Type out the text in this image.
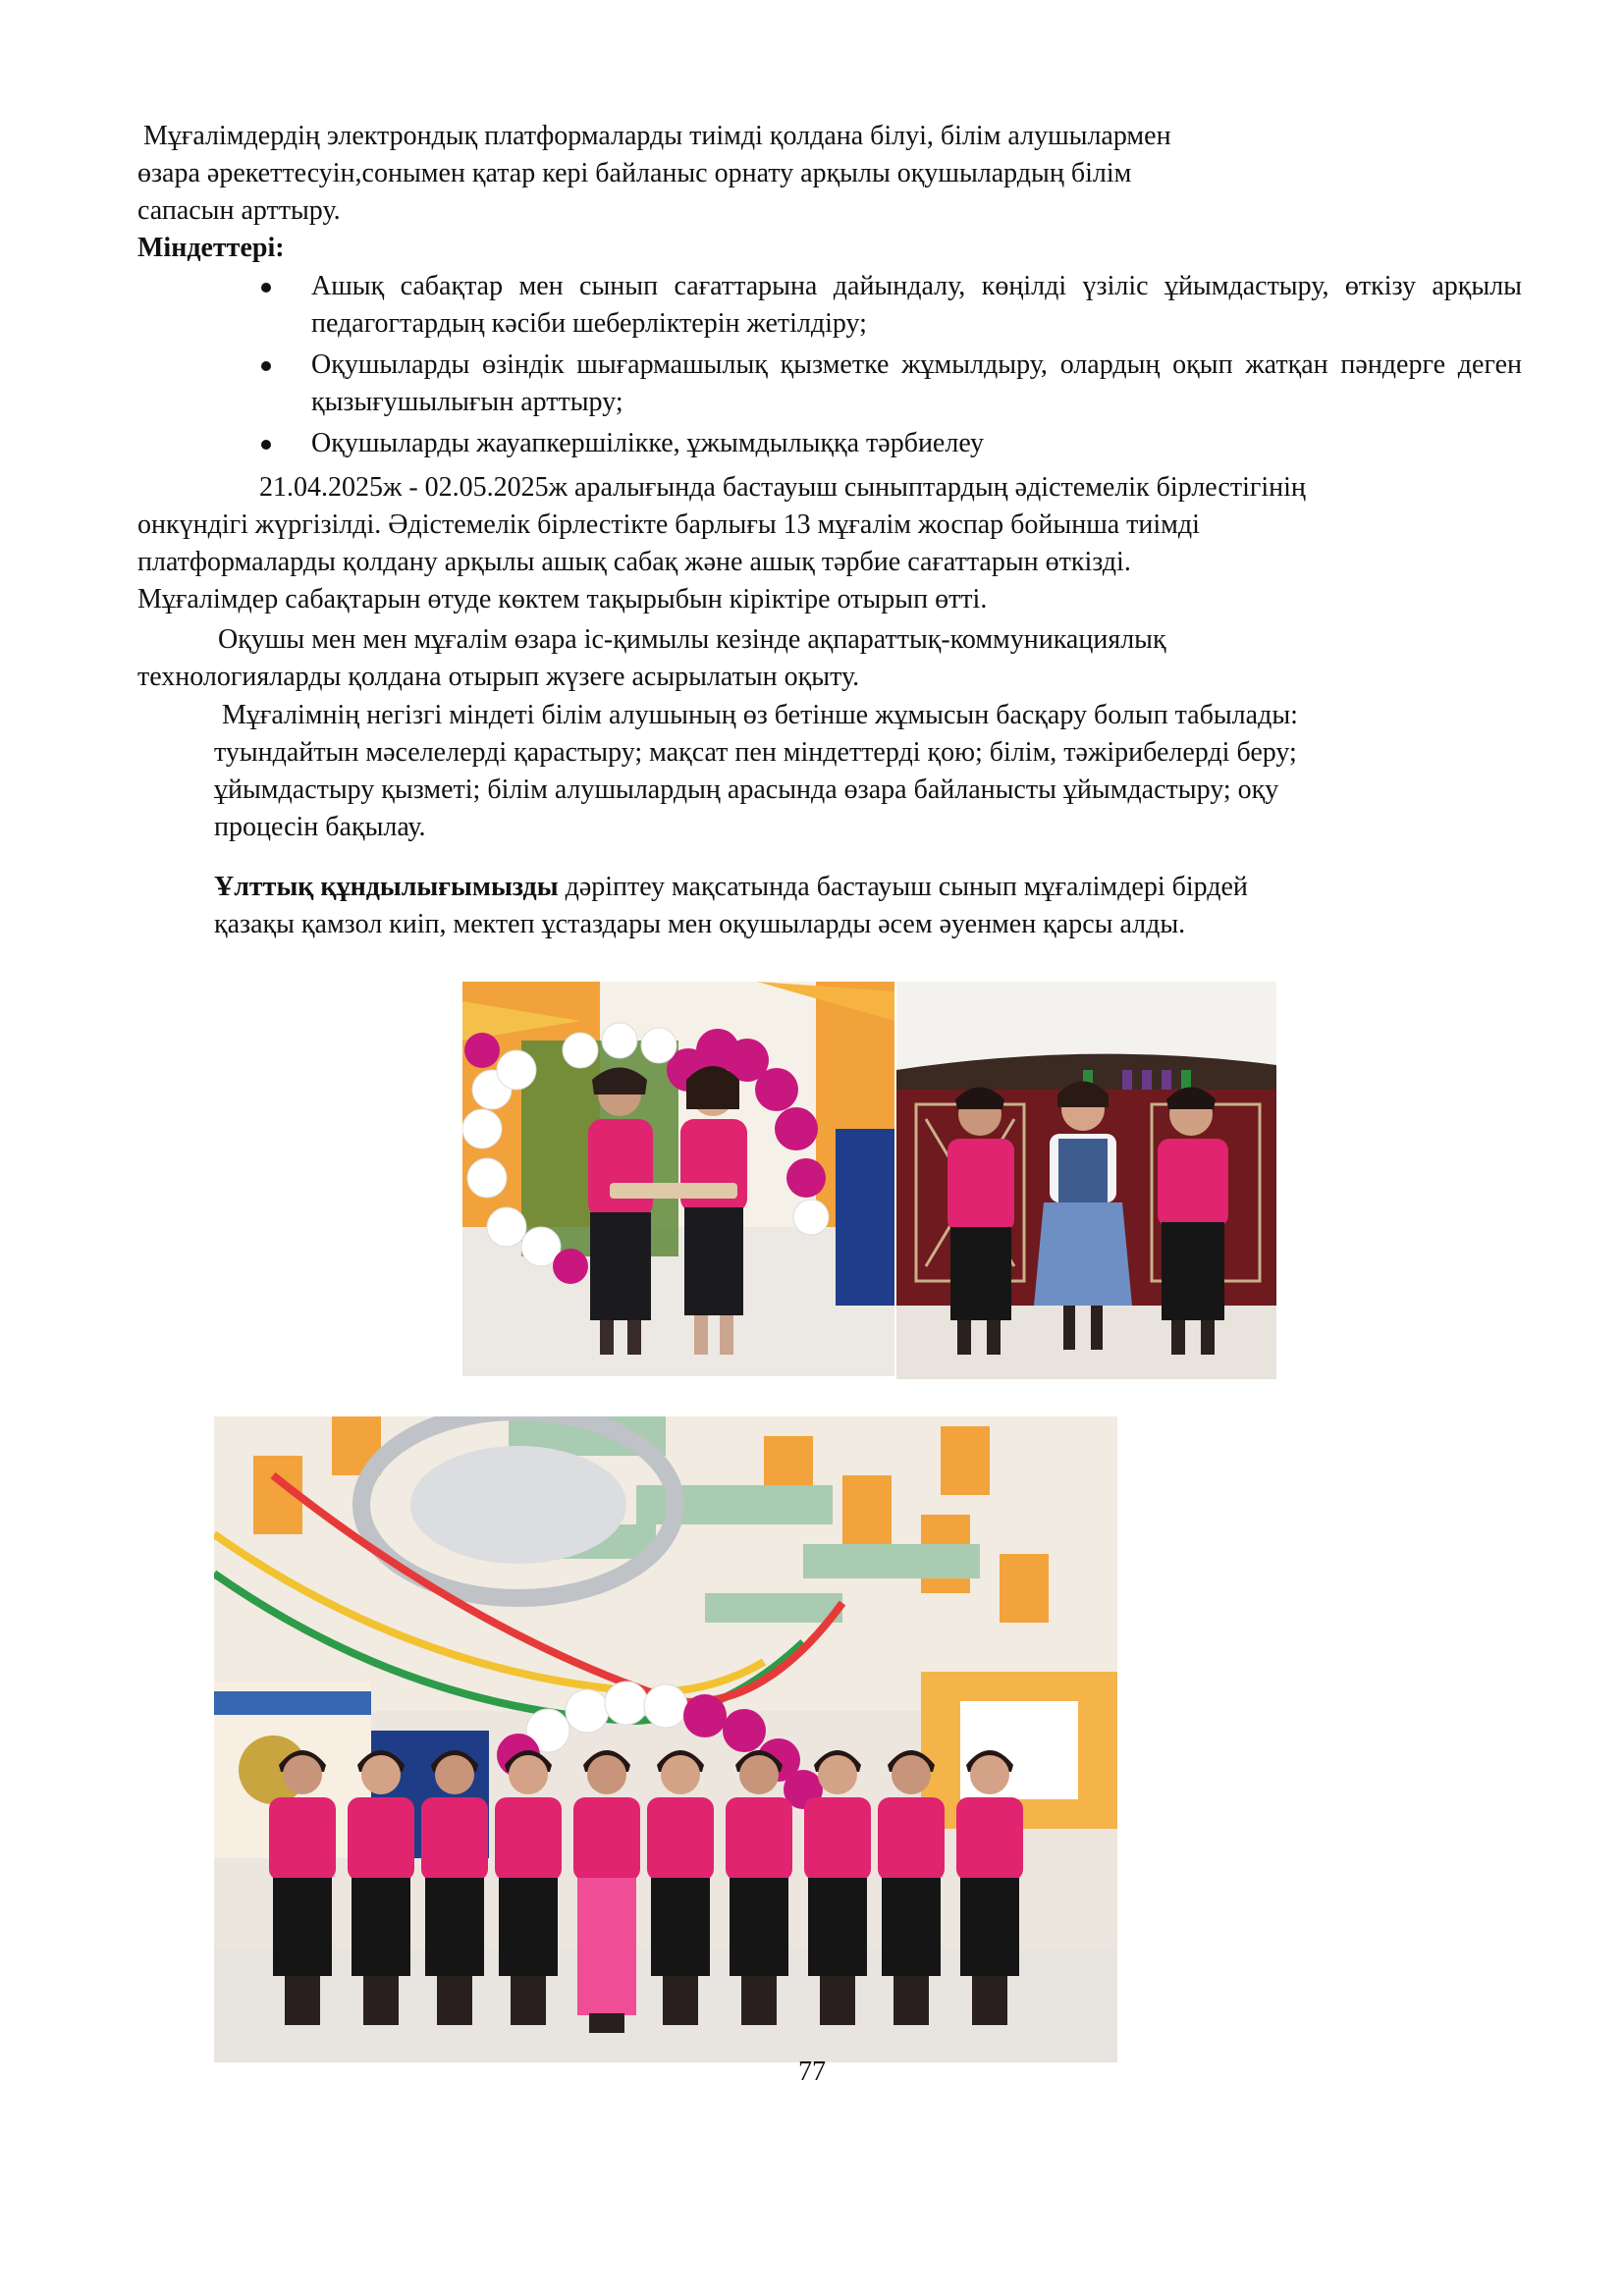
Мұғалімдердің электрондық платформаларды тиімді қолдана білуі, білім алушылармен
өзара әрекеттесуін,сонымен қатар кері байланыс орнату арқылы оқушылардың білім
сапасын арттыру.

Міндеттері:

Ашық сабақтар мен сынып сағаттарына дайындалу, көңілді үзіліс ұйымдастыру, өткізу арқылы педагогтардың кәсіби шеберліктерін жетілдіру;
Оқушыларды өзіндік шығармашылық қызметке жұмылдыру, олардың оқып жатқан пәндерге деген қызығушылығын арттыру;
Оқушыларды жауапкершілікке, ұжымдылыққа тәрбиелеу

21.04.2025ж - 02.05.2025ж аралығында бастауыш сыныптардың әдістемелік бірлестігінің
онкүндігі жүргізілді. Әдістемелік бірлестікте барлығы 13 мұғалім жоспар бойынша тиімді
платформаларды қолдану арқылы ашық сабақ және ашық тәрбие сағаттарын өткізді.
Мұғалімдер сабақтарын өтуде көктем тақырыбын кіріктіре отырып өтті.

Оқушы мен мен мұғалім өзара іс-қимылы кезінде ақпараттық-коммуникациялық
технологияларды қолдана отырып жүзеге асырылатын оқыту.

Мұғалімнің негізгі міндеті білім алушының өз бетінше жұмысын басқару болып табылады:
туындайтын мәселелерді қарастыру; мақсат пен міндеттерді қою; білім, тәжірибелерді беру;
ұйымдастыру қызметі; білім алушылардың арасында өзара байланысты ұйымдастыру; оқу
процесін бақылау.

Ұлттық құндылығымызды дәріптеу мақсатында бастауыш сынып мұғалімдері бірдей
қазақы қамзол киіп, мектеп ұстаздары мен оқушыларды әсем әуенмен қарсы алды.

77
